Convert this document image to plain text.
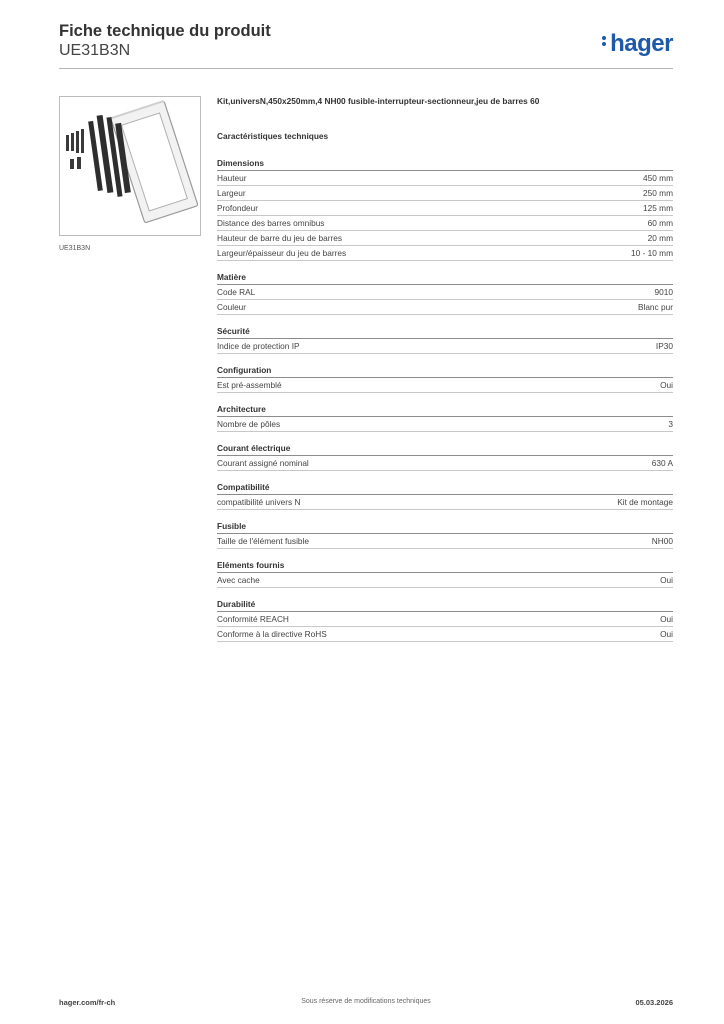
Fiche technique du produit
UE31B3N	hager
UE31B3N
Kit,universN,450x250mm,4 NH00 fusible-interrupteur-sectionneur,jeu de barres 60
Caractéristiques techniques
Dimensions
Hauteur	450 mm
Largeur	250 mm
Profondeur	125 mm
Distance des barres omnibus	60 mm
Hauteur de barre du jeu de barres	20 mm
Largeur/épaisseur du jeu de barres	10 - 10 mm
Matière
Code RAL	9010
Couleur	Blanc pur
Sécurité
Indice de protection IP	IP30
Configuration
Est pré-assemblé	Oui
Architecture
Nombre de pôles	3
Courant électrique
Courant assigné nominal	630 A
Compatibilité
compatibilité univers N	Kit de montage
Fusible
Taille de l'élément fusible	NH00
Eléments fournis
Avec cache	Oui
Durabilité
Conformité REACH	Oui
Conforme à la directive RoHS	Oui
hager.com/fr-ch	Sous réserve de modifications techniques	05.03.2026
